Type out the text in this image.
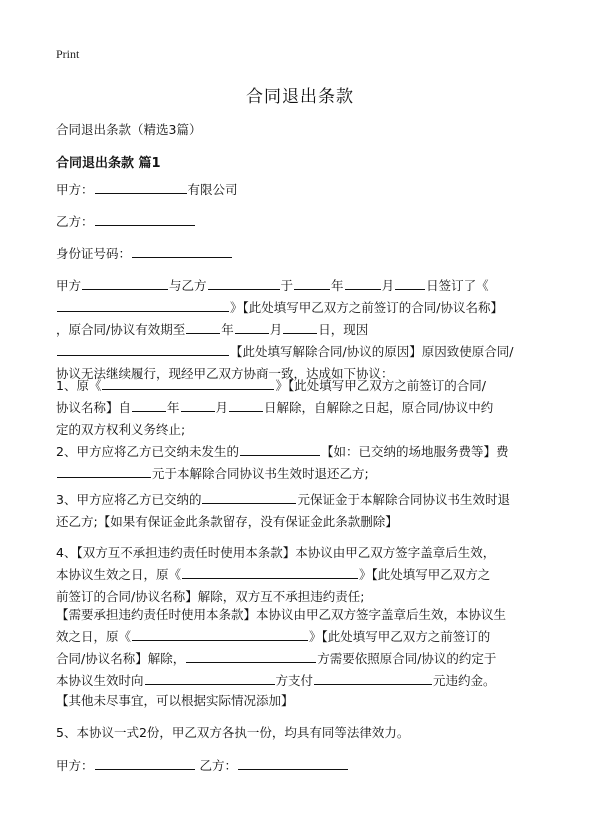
Print
合同退出条款
合同退出条款（精选3篇）
合同退出条款 篇1
甲方：	有限公司
乙方：
身份证号码：
甲方	与乙方	于	年	月	日签订了《
》【此处填写甲乙双方之前签订的合同/协议名称】
，原合同/协议有效期至	年	月	日，现因
【此处填写解除合同/协议的原因】原因致使原合同/
协议无法继续履行，现经甲乙双方协商一致，达成如下协议：
1、原《	》【此处填写甲乙双方之前签订的合同/
协议名称】自	年	月	日解除，自解除之日起，原合同/协议中约
定的双方权利义务终止;
2、甲方应将乙方已交纳未发生的	【如：已交纳的场地服务费等】费
元于本解除合同协议书生效时退还乙方;
3、甲方应将乙方已交纳的	元保证金于本解除合同协议书生效时退
还乙方;【如果有保证金此条款留存，没有保证金此条款删除】
4、【双方互不承担违约责任时使用本条款】本协议由甲乙双方签字盖章后生效，
本协议生效之日，原《	》【此处填写甲乙双方之
前签订的合同/协议名称】解除，双方互不承担违约责任;
【需要承担违约责任时使用本条款】本协议由甲乙双方签字盖章后生效，本协议生
效之日，原《	》【此处填写甲乙双方之前签订的
合同/协议名称】解除，	方需要依照原合同/协议的约定于
本协议生效时向	方支付	元违约金。
【其他未尽事宜，可以根据实际情况添加】
5、本协议一式2份，甲乙双方各执一份，均具有同等法律效力。
甲方：	乙方：
